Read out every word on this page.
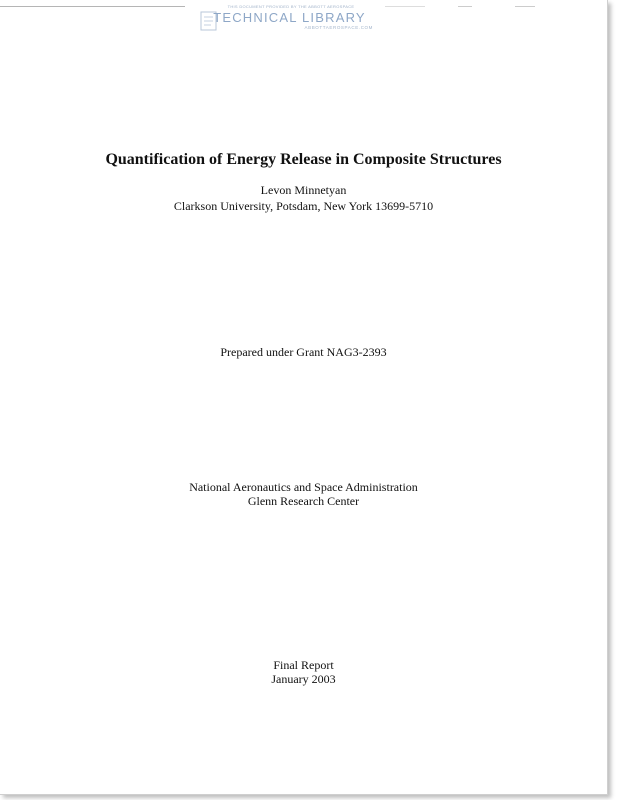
THIS DOCUMENT PROVIDED BY THE ABBOTT AEROSPACE
TECHNICAL LIBRARY
ABBOTTAEROSPACE.COM
Quantification of Energy Release in Composite Structures
Levon Minnetyan
Clarkson University, Potsdam, New York 13699-5710
Prepared under Grant NAG3-2393
National Aeronautics and Space Administration
Glenn Research Center
Final Report
January 2003
